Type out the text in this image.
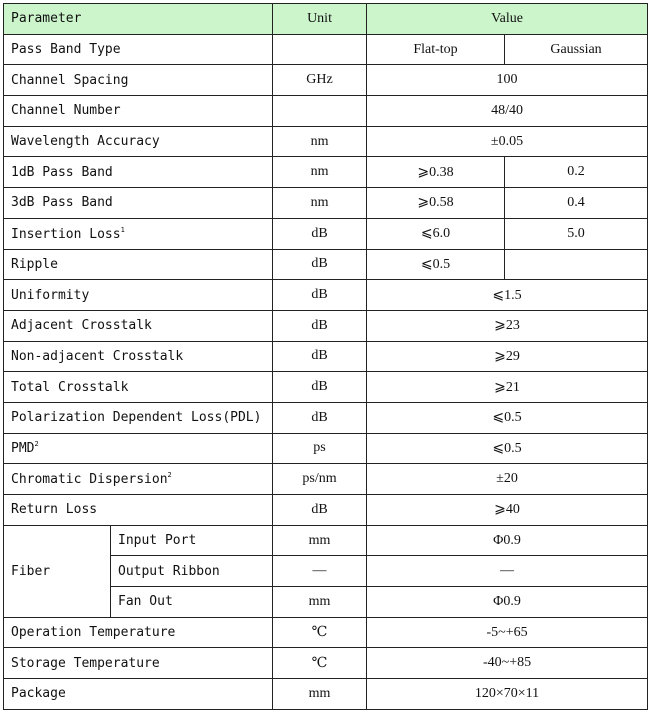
Parameter		Unit	Value	
Pass Band Type			Flat-top	Gaussian
Channel Spacing		GHz	100	
Channel Number			48/40	
Wavelength Accuracy		nm	±0.05	
1dB Pass Band		nm	⩾0.38	0.2
3dB Pass Band		nm	⩾0.58	0.4
Insertion Loss$^1$		dB	⩽6.0	5.0
Ripple		dB	⩽0.5	
Uniformity		dB	⩽1.5	
Adjacent Crosstalk		dB	⩾23	
Non-adjacent Crosstalk		dB	⩾29	
Total Crosstalk		dB	⩾21	
Polarization Dependent Loss(PDL)		dB	⩽0.5	
PMD$^2$		ps	⩽0.5	
Chromatic Dispersion$^2$		ps/nm	±20	
Return Loss		dB	⩾40	
Fiber	Input Port	mm	Φ0.9	
	Output Ribbon	—	—	
	Fan Out	mm	Φ0.9	
Operation Temperature		℃	-5~+65	
Storage Temperature		℃	-40~+85	
Package		mm	120×70×11	
